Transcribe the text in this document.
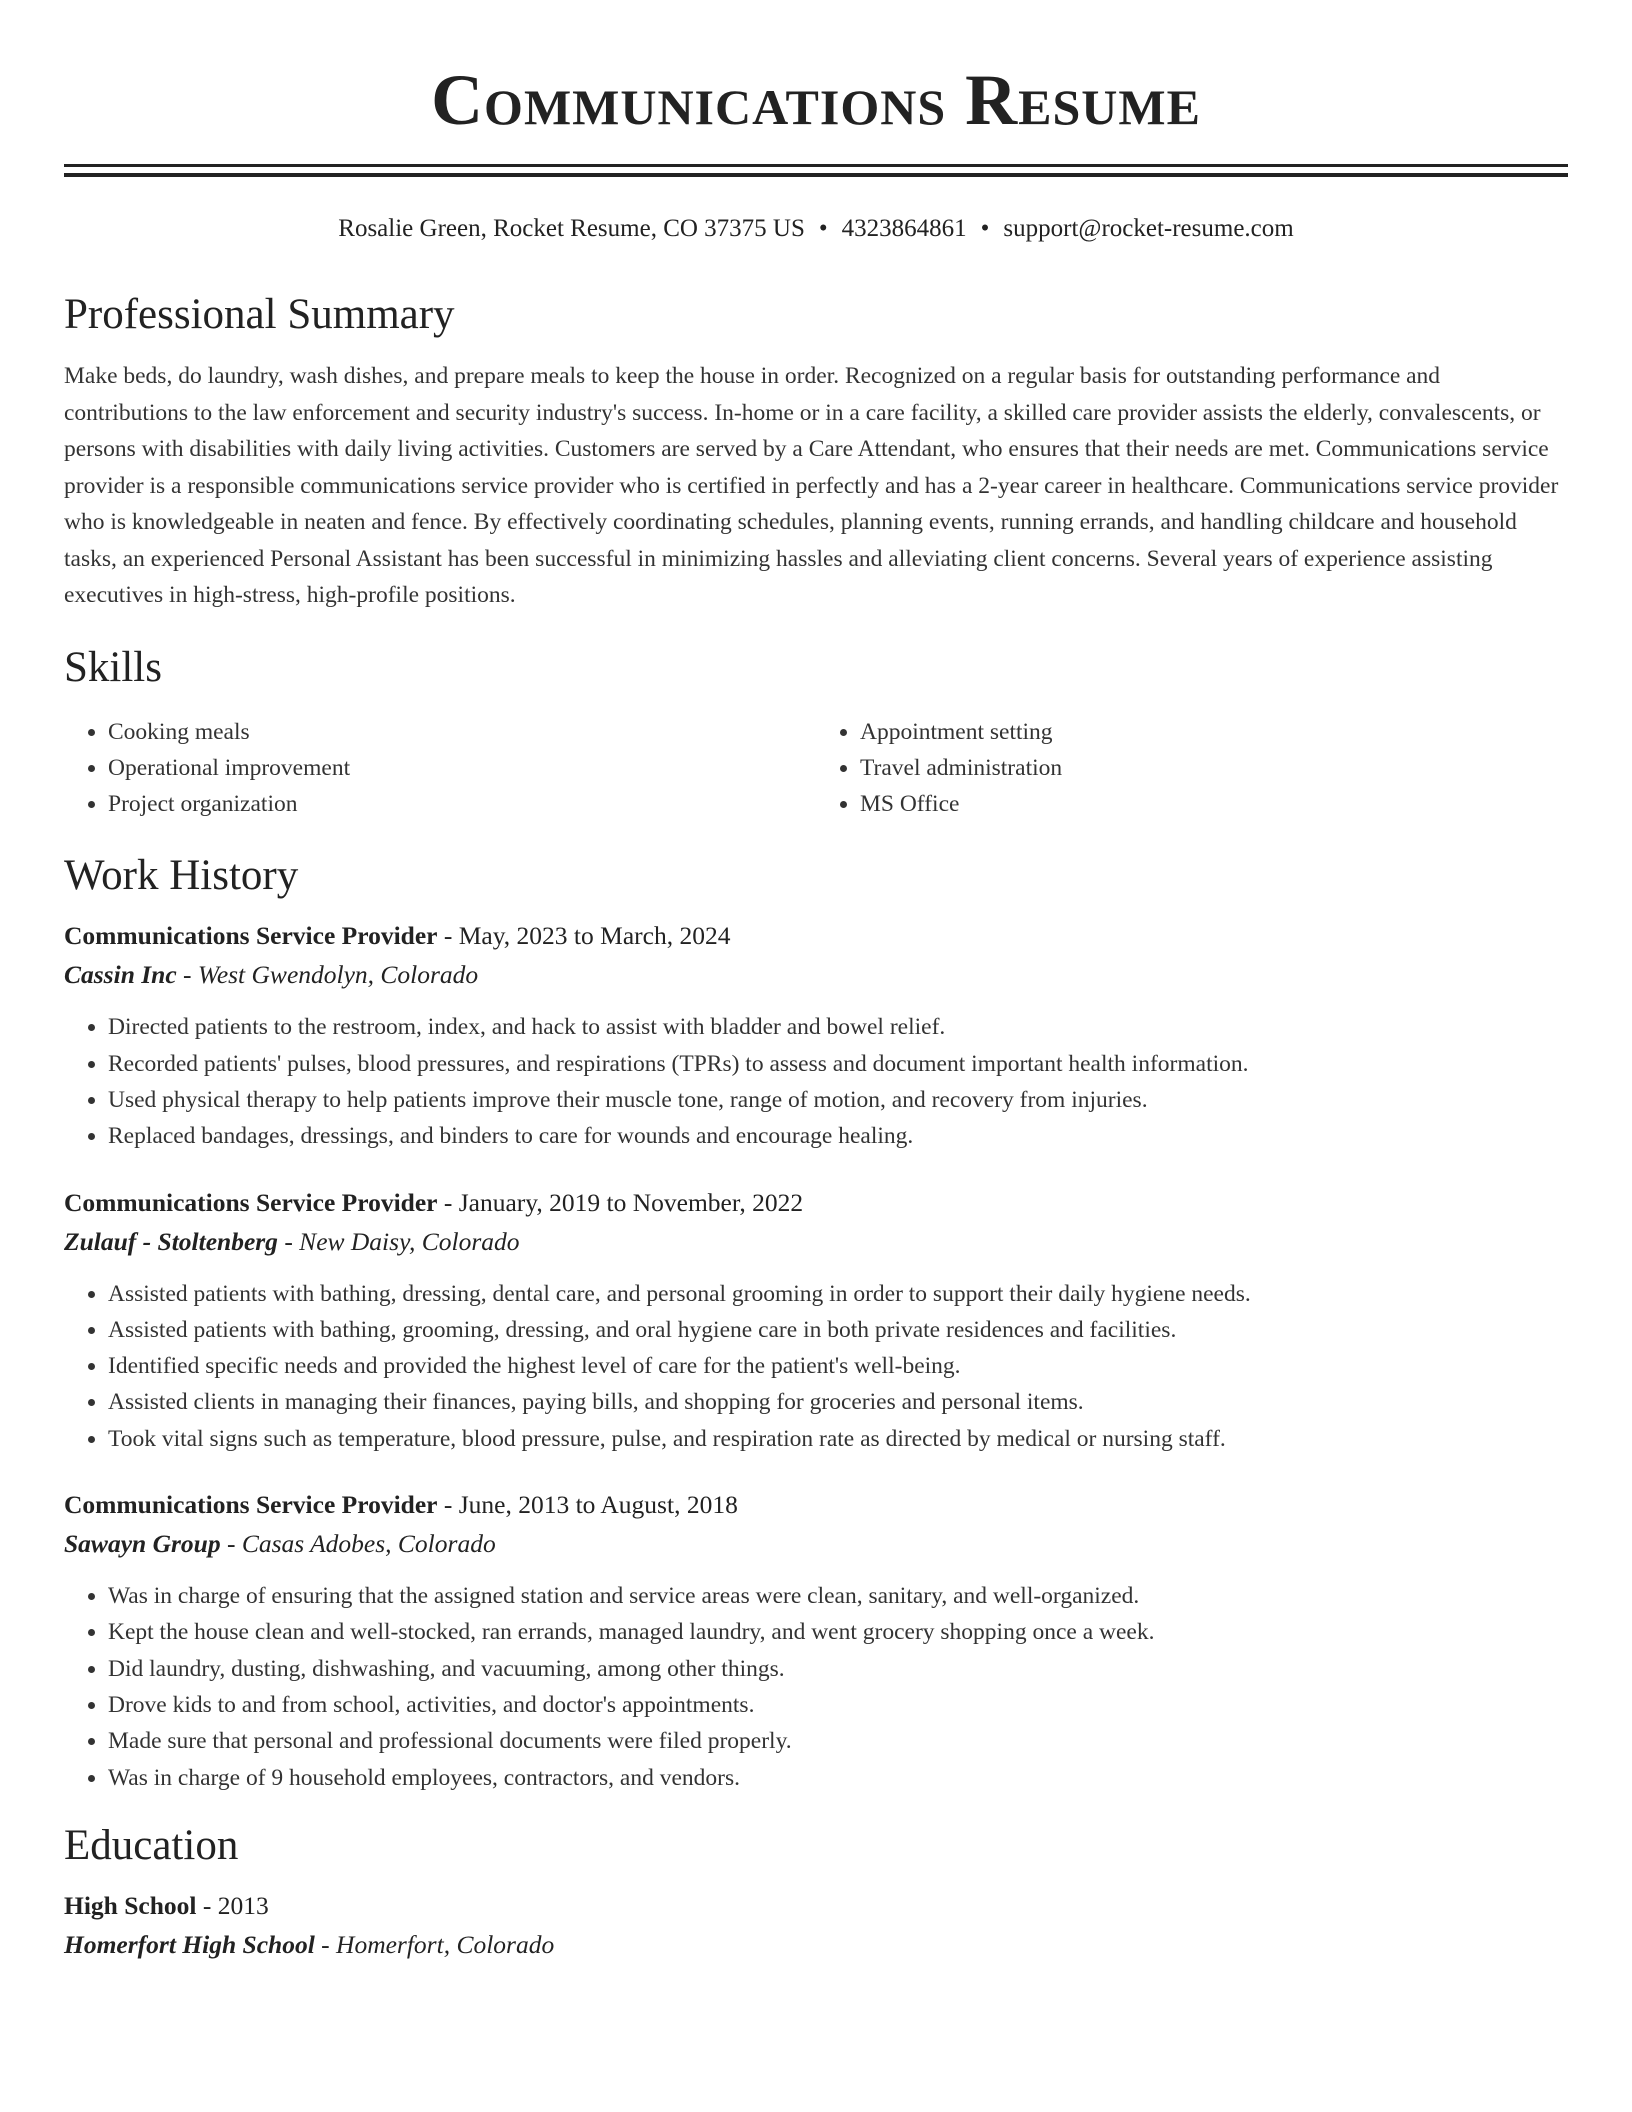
Communications Resume
Rosalie Green, Rocket Resume, CO 37375 US • 4323864861 • support@rocket-resume.com
Professional Summary

Make beds, do laundry, wash dishes, and prepare meals to keep the house in order. Recognized on a regular basis for outstanding performance and contributions to the law enforcement and security industry's success. In-home or in a care facility, a skilled care provider assists the elderly, convalescents, or persons with disabilities with daily living activities. Customers are served by a Care Attendant, who ensures that their needs are met. Communications service provider is a responsible communications service provider who is certified in perfectly and has a 2-year career in healthcare. Communications service provider who is knowledgeable in neaten and fence. By effectively coordinating schedules, planning events, running errands, and handling childcare and household tasks, an experienced Personal Assistant has been successful in minimizing hassles and alleviating client concerns. Several years of experience assisting executives in high-stress, high-profile positions.

Skills
• Cooking meals
• Operational improvement
• Project organization
• Appointment setting
• Travel administration
• MS Office
Work History
Communications Service Provider - May, 2023 to March, 2024
Cassin Inc - West Gwendolyn, Colorado
• Directed patients to the restroom, index, and hack to assist with bladder and bowel relief.
• Recorded patients' pulses, blood pressures, and respirations (TPRs) to assess and document important health information.
• Used physical therapy to help patients improve their muscle tone, range of motion, and recovery from injuries.
• Replaced bandages, dressings, and binders to care for wounds and encourage healing.
Communications Service Provider - January, 2019 to November, 2022
Zulauf - Stoltenberg - New Daisy, Colorado
• Assisted patients with bathing, dressing, dental care, and personal grooming in order to support their daily hygiene needs.
• Assisted patients with bathing, grooming, dressing, and oral hygiene care in both private residences and facilities.
• Identified specific needs and provided the highest level of care for the patient's well-being.
• Assisted clients in managing their finances, paying bills, and shopping for groceries and personal items.
• Took vital signs such as temperature, blood pressure, pulse, and respiration rate as directed by medical or nursing staff.
Communications Service Provider - June, 2013 to August, 2018
Sawayn Group - Casas Adobes, Colorado
• Was in charge of ensuring that the assigned station and service areas were clean, sanitary, and well-organized.
• Kept the house clean and well-stocked, ran errands, managed laundry, and went grocery shopping once a week.
• Did laundry, dusting, dishwashing, and vacuuming, among other things.
• Drove kids to and from school, activities, and doctor's appointments.
• Made sure that personal and professional documents were filed properly.
• Was in charge of 9 household employees, contractors, and vendors.
Education
High School - 2013
Homerfort High School - Homerfort, Colorado
